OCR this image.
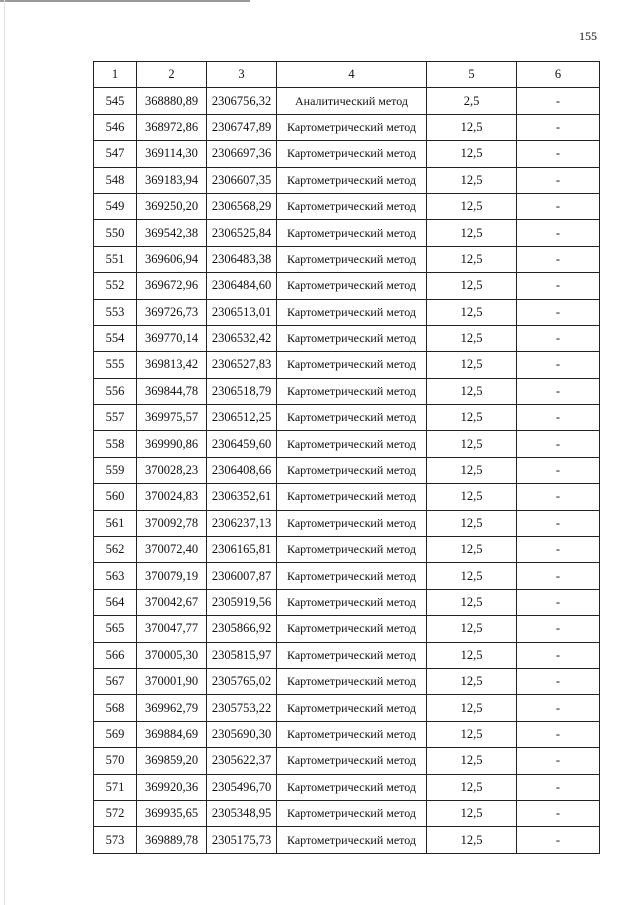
155
1	2	3	4	5	6
545	368880,89	2306756,32	Аналитический метод	2,5	-
546	368972,86	2306747,89	Картометрический метод	12,5	-
547	369114,30	2306697,36	Картометрический метод	12,5	-
548	369183,94	2306607,35	Картометрический метод	12,5	-
549	369250,20	2306568,29	Картометрический метод	12,5	-
550	369542,38	2306525,84	Картометрический метод	12,5	-
551	369606,94	2306483,38	Картометрический метод	12,5	-
552	369672,96	2306484,60	Картометрический метод	12,5	-
553	369726,73	2306513,01	Картометрический метод	12,5	-
554	369770,14	2306532,42	Картометрический метод	12,5	-
555	369813,42	2306527,83	Картометрический метод	12,5	-
556	369844,78	2306518,79	Картометрический метод	12,5	-
557	369975,57	2306512,25	Картометрический метод	12,5	-
558	369990,86	2306459,60	Картометрический метод	12,5	-
559	370028,23	2306408,66	Картометрический метод	12,5	-
560	370024,83	2306352,61	Картометрический метод	12,5	-
561	370092,78	2306237,13	Картометрический метод	12,5	-
562	370072,40	2306165,81	Картометрический метод	12,5	-
563	370079,19	2306007,87	Картометрический метод	12,5	-
564	370042,67	2305919,56	Картометрический метод	12,5	-
565	370047,77	2305866,92	Картометрический метод	12,5	-
566	370005,30	2305815,97	Картометрический метод	12,5	-
567	370001,90	2305765,02	Картометрический метод	12,5	-
568	369962,79	2305753,22	Картометрический метод	12,5	-
569	369884,69	2305690,30	Картометрический метод	12,5	-
570	369859,20	2305622,37	Картометрический метод	12,5	-
571	369920,36	2305496,70	Картометрический метод	12,5	-
572	369935,65	2305348,95	Картометрический метод	12,5	-
573	369889,78	2305175,73	Картометрический метод	12,5	-
